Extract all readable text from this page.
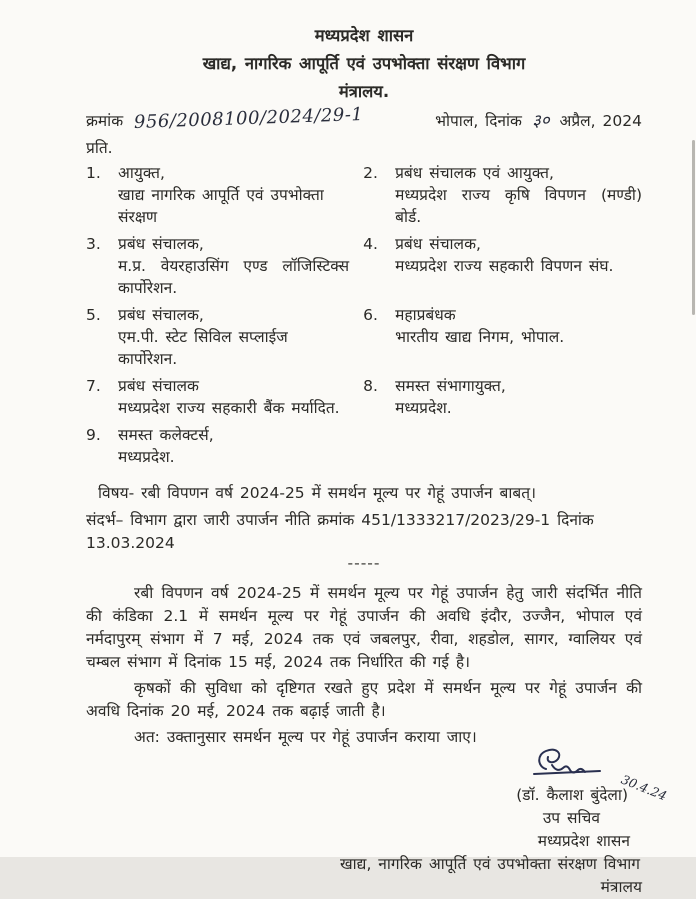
मध्यप्रदेश शासन
खाद्य, नागरिक आपूर्ति एवं उपभोक्ता संरक्षण विभाग
मंत्रालय.
क्रमांक 956/2008100/2024/29-1	भोपाल, दिनांक ३० अप्रैल, 2024
प्रति.
1.	आयुक्त,
खाद्य नागरिक आपूर्ति एवं उपभोक्ता संरक्षण
2.	प्रबंध संचालक एवं आयुक्त,
मध्यप्रदेश राज्य कृषि विपणन (मण्डी)
बोर्ड.
3.	प्रबंध संचालक,
म.प्र. वेयरहाउसिंग एण्ड लॉजिस्टिक्स
कार्पोरेशन.
4.	प्रबंध संचालक,
मध्यप्रदेश राज्य सहकारी विपणन संघ.
5.	प्रबंध संचालक,
एम.पी. स्टेट सिविल सप्लाईज कार्पोरेशन.
6.	महाप्रबंधक
भारतीय खाद्य निगम, भोपाल.
7.	प्रबंध संचालक
मध्यप्रदेश राज्य सहकारी बैंक मर्यादित.
8.	समस्त संभागायुक्त,
मध्यप्रदेश.
9.	समस्त कलेक्टर्स,
मध्यप्रदेश.
विषय- रबी विपणन वर्ष 2024-25 में समर्थन मूल्य पर गेहूं उपार्जन बाबत्।
संदर्भ– विभाग द्वारा जारी उपार्जन नीति क्रमांक 451/1333217/2023/29-1 दिनांक 13.03.2024
-----

रबी विपणन वर्ष 2024-25 में समर्थन मूल्य पर गेहूं उपार्जन हेतु जारी संदर्भित नीति की कंडिका 2.1 में समर्थन मूल्य पर गेहूं उपार्जन की अवधि इंदौर, उज्जैन, भोपाल एवं नर्मदापुरम् संभाग में 7 मई, 2024 तक एवं जबलपुर, रीवा, शहडोल, सागर, ग्वालियर एवं चम्बल संभाग में दिनांक 15 मई, 2024 तक निर्धारित की गई है।

कृषकों की सुविधा को दृष्टिगत रखते हुए प्रदेश में समर्थन मूल्य पर गेहूं उपार्जन की अवधि दिनांक 20 मई, 2024 तक बढ़ाई जाती है।

अत: उक्तानुसार समर्थन मूल्य पर गेहूं उपार्जन कराया जाए।

(डॉ. कैलाश बुंदेला)
30.4.24
उप सचिव
मध्यप्रदेश शासन
खाद्य, नागरिक आपूर्ति एवं उपभोक्ता संरक्षण विभाग
मंत्रालय
